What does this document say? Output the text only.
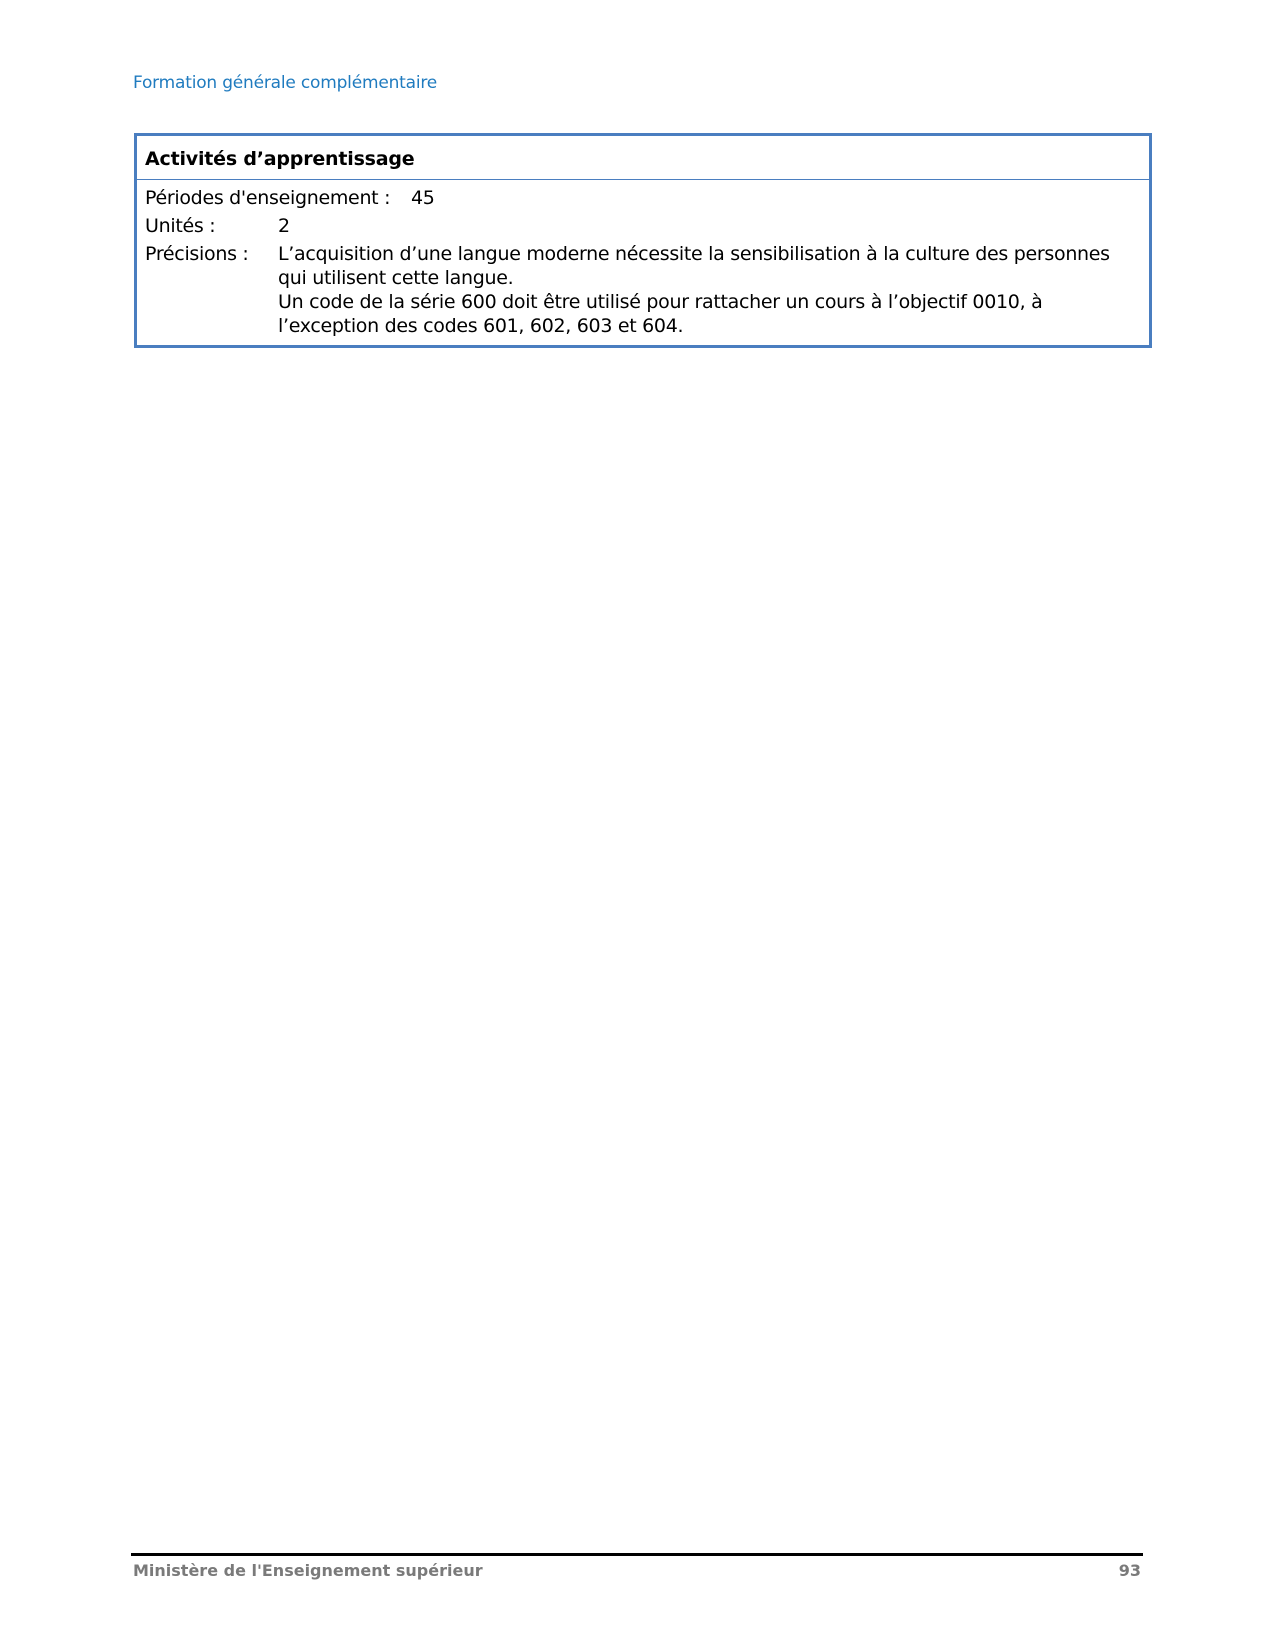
Formation générale complémentaire
Activités d’apprentissage
Périodes d'enseignement :	45
Unités :	2
Précisions :	L’acquisition d’une langue moderne nécessite la sensibilisation à la culture des personnes qui utilisent cette langue.

Un code de la série 600 doit être utilisé pour rattacher un cours à l’objectif 0010, à l’exception des codes 601, 602, 603 et 604.

Ministère de l'Enseignement supérieur	93
